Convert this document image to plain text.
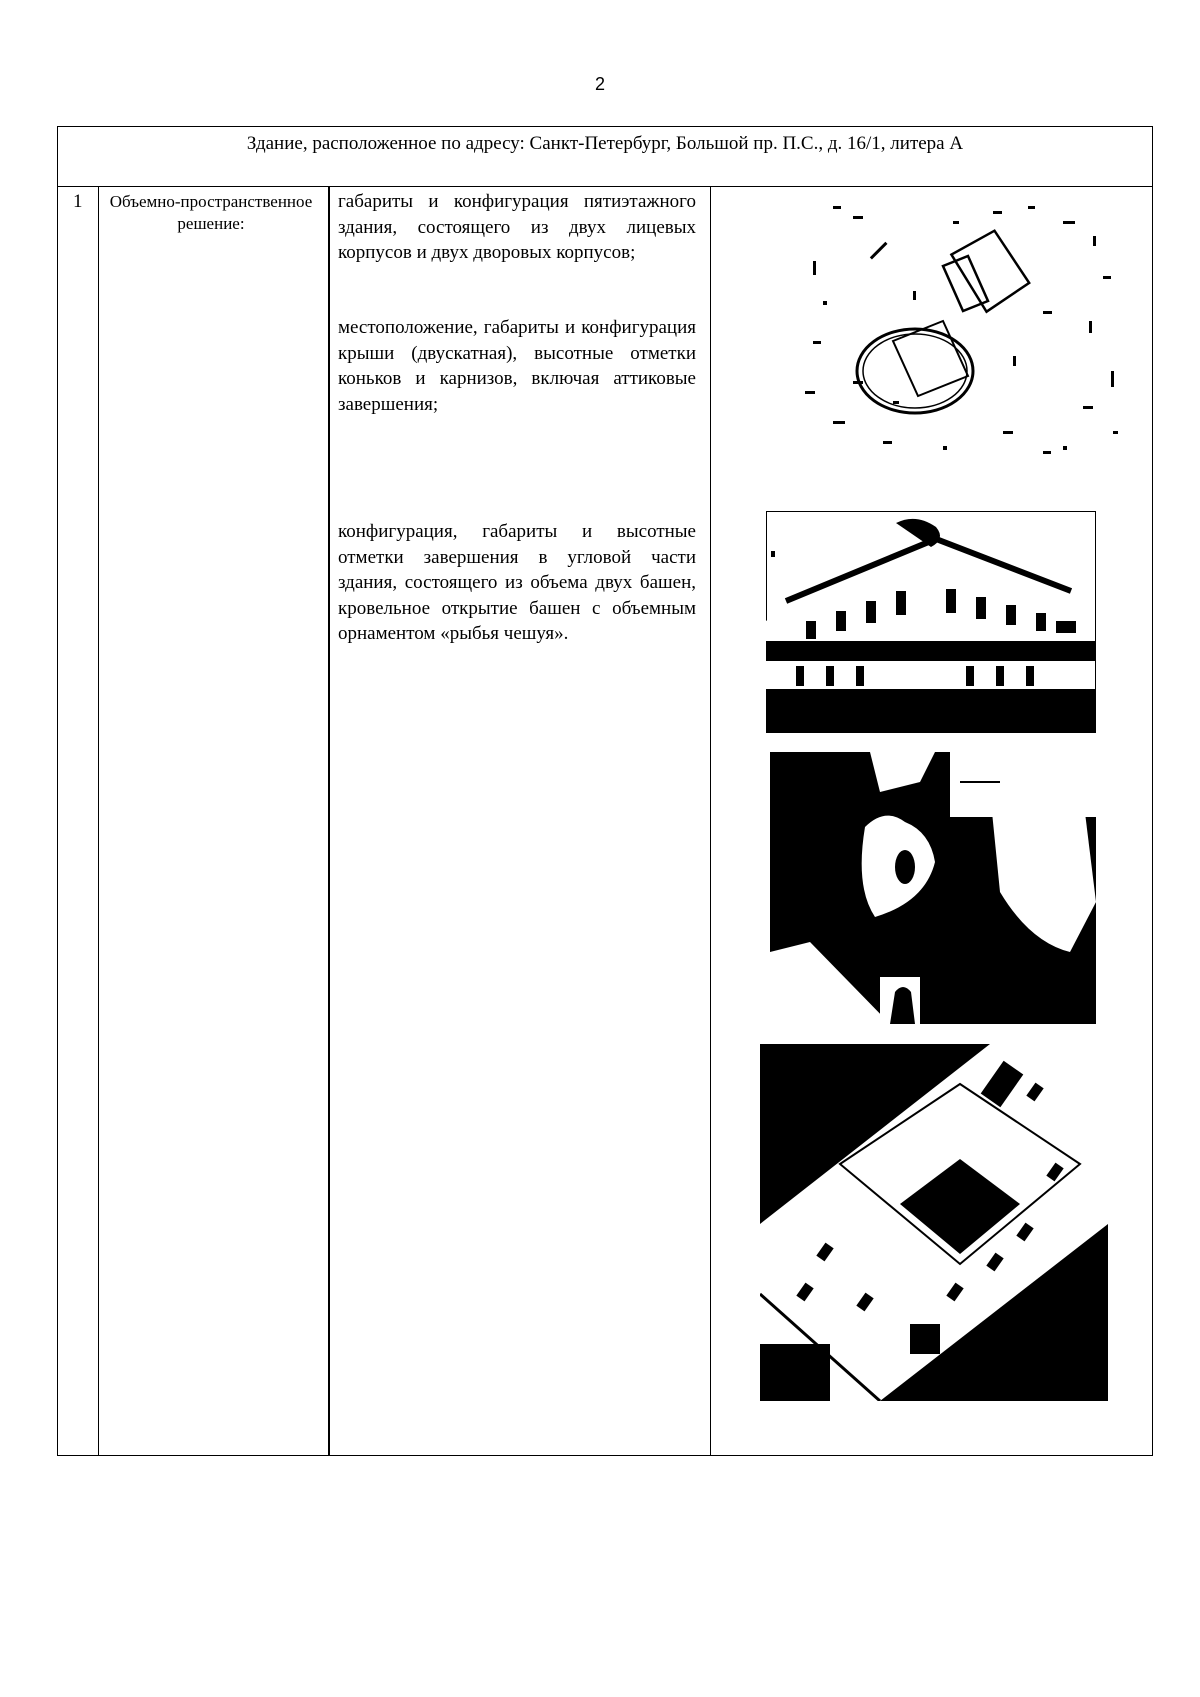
2
Здание, расположенное по адресу: Санкт-Петербург, Большой пр. П.С., д. 16/1, литера А
1	Объемно-пространственное решение:
габариты и конфигурация пятиэтажного здания, состоящего из двух лицевых корпусов и двух дворовых корпусов;
местоположение, габариты и конфигурация крыши (двускатная), высотные отметки коньков и карнизов, включая аттиковые завершения;
конфигурация, габариты и высотные отметки завершения в угловой части здания, состоящего из объема двух башен, кровельное открытие башен с объемным орнаментом «рыбья чешуя».
